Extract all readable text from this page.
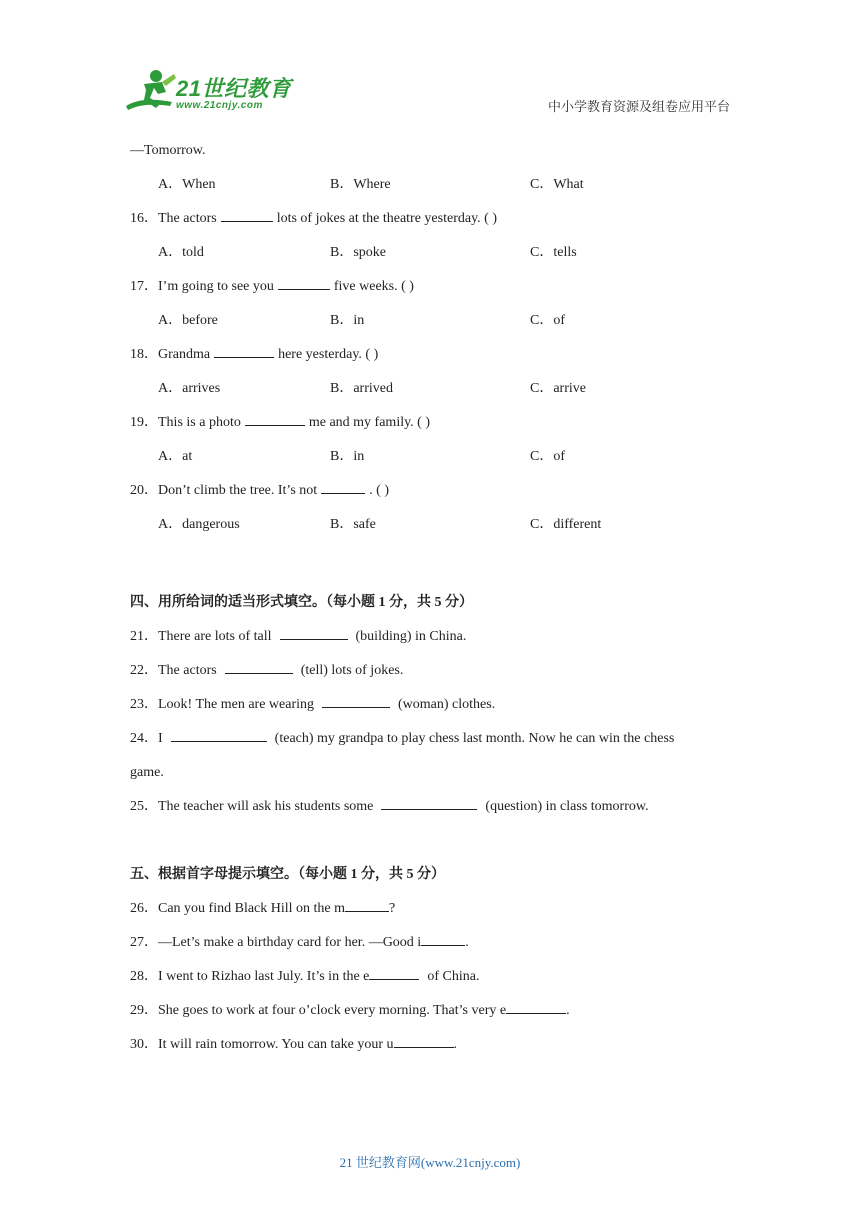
21世纪教育
www.21cnjy.com	中小学教育资源及组卷应用平台
—Tomorrow.
A．When	B．Where	C．What
16．The actors	lots of jokes at the theatre yesterday. ( )
A．told	B．spoke	C．tells
17．I’m going to see you	five weeks. ( )
A．before	B．in	C．of
18．Grandma	here yesterday. ( )
A．arrives	B．arrived	C．arrive
19．This is a photo	me and my family. ( )
A．at	B．in	C．of
20．Don’t climb the tree. It’s not	. ( )
A．dangerous	B．safe	C．different
四、用所给词的适当形式填空。（每小题 1 分，共 5 分）
21．There are lots of tall	(building) in China.
22．The actors	(tell) lots of jokes.
23．Look! The men are wearing	(woman) clothes.
24．I	(teach) my grandpa to play chess last month. Now he can win the chess
game.
25．The teacher will ask his students some	(question) in class tomorrow.
五、根据首字母提示填空。（每小题 1 分，共 5 分）
26．Can you find Black Hill on the m	?
27．—Let’s make a birthday card for her. —Good i	.
28．I went to Rizhao last July. It’s in the e	of China.
29．She goes to work at four o’clock every morning. That’s very e	.
30．It will rain tomorrow. You can take your u	.
21 世纪教育网(www.21cnjy.com)
